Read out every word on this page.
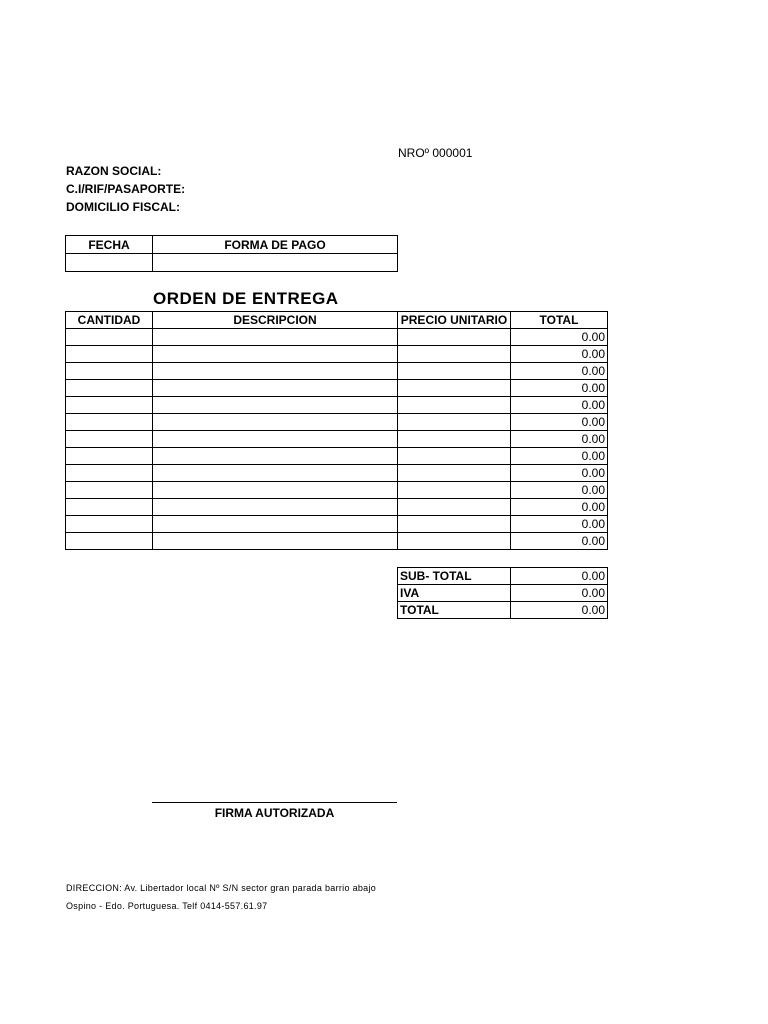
NROº 000001
RAZON SOCIAL:
C.I/RIF/PASAPORTE:
DOMICILIO FISCAL:
FECHA	FORMA DE PAGO

ORDEN DE ENTREGA
CANTIDAD	DESCRIPCION	PRECIO UNITARIO	TOTAL
			0.00
			0.00
			0.00
			0.00
			0.00
			0.00
			0.00
			0.00
			0.00
			0.00
			0.00
			0.00
			0.00
SUB- TOTAL	0.00
IVA	0.00
TOTAL	0.00
FIRMA AUTORIZADA
DIRECCION: Av. Libertador local Nº S/N sector gran parada barrio abajo
Ospino - Edo. Portuguesa. Telf 0414-557.61.97
